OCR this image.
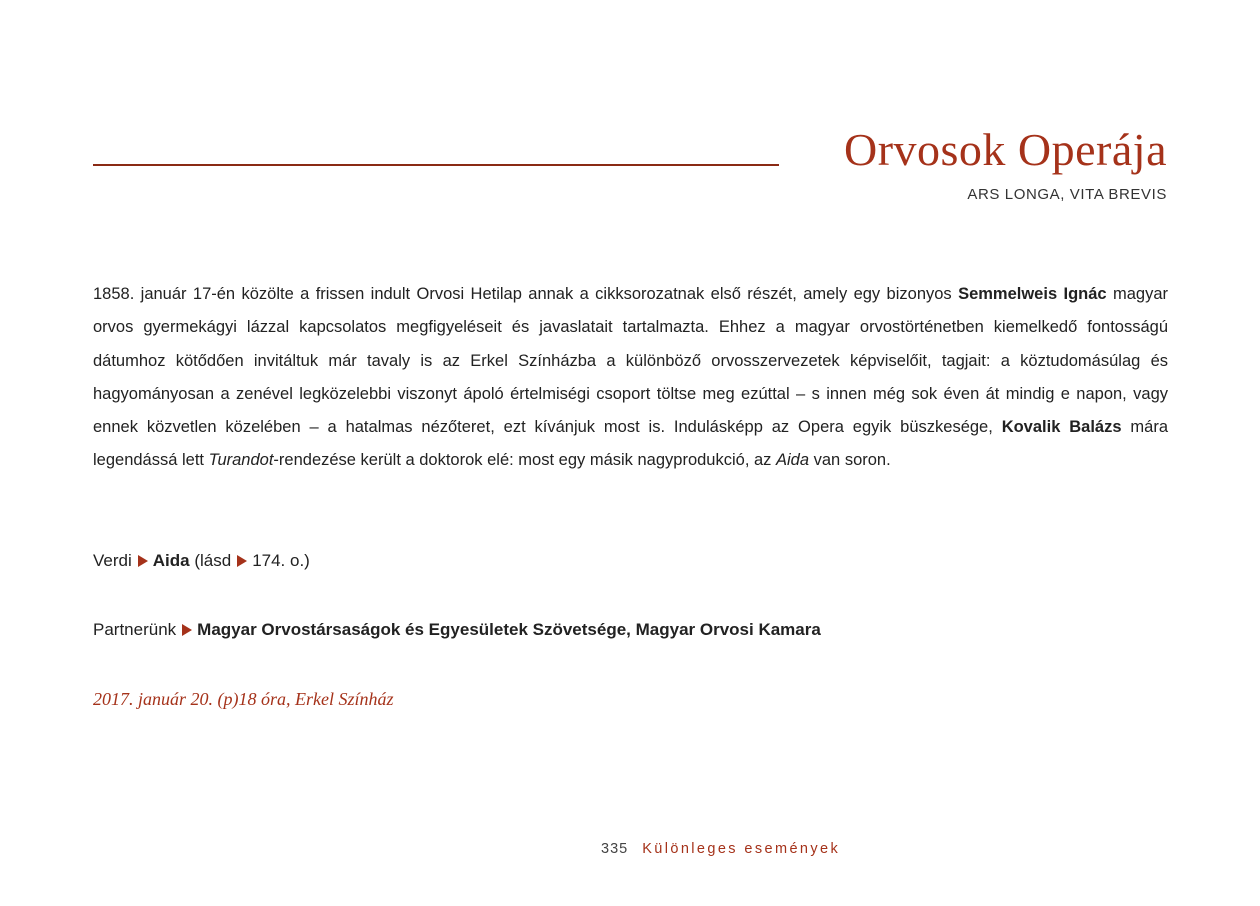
Orvosok Operája
ARS LONGA, VITA BREVIS

1858. január 17-én közölte a frissen indult Orvosi Hetilap annak a cikksorozatnak első részét, amely egy bizonyos Semmelweis Ignác magyar orvos gyermekágyi lázzal kapcsolatos megfigyeléseit és javaslatait tartalmazta. Ehhez a magyar orvostörténetben kiemelkedő fontosságú dátumhoz kötődően invitáltuk már tavaly is az Erkel Színházba a különböző orvosszervezetek képviselőit, tagjait: a köztudomásúlag és hagyományosan a zenével legközelebbi viszonyt ápoló értelmiségi csoport töltse meg ezúttal – s innen még sok éven át mindig e napon, vagy ennek közvetlen közelében – a hatalmas nézőteret, ezt kívánjuk most is. Indulásképp az Opera egyik büszkesége, Kovalik Balázs mára legendássá lett Turandot-rendezése került a doktorok elé: most egy másik nagyprodukció, az Aida van soron.

Verdi Aida (lásd 174. o.)
Partnerünk Magyar Orvostársaságok és Egyesületek Szövetsége, Magyar Orvosi Kamara
2017. január 20. (p)18 óra, Erkel Színház
335 Különleges események
